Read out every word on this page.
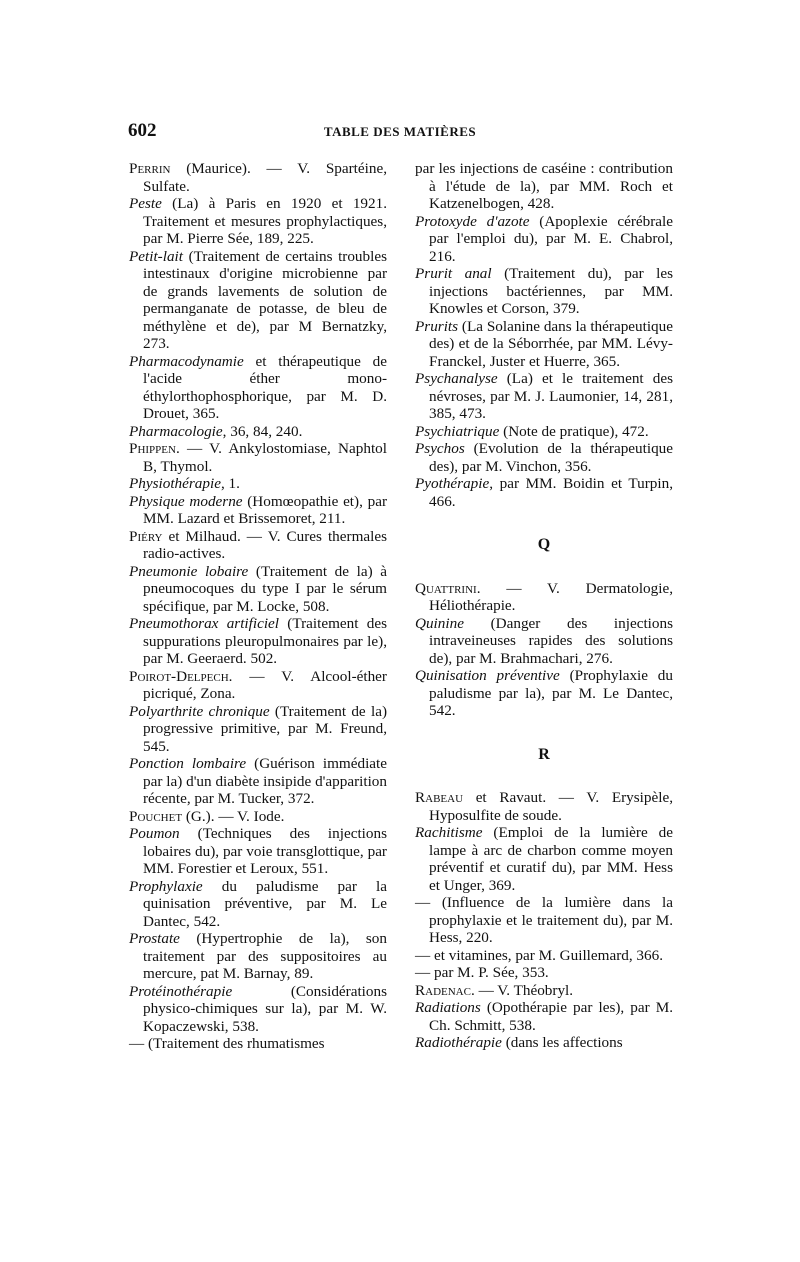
602	TABLE DES MATIÈRES

Perrin (Maurice). — V. Spartéine, Sulfate.

Peste (La) à Paris en 1920 et 1921. Traitement et mesures prophylactiques, par M. Pierre Sée, 189, 225.

Petit-lait (Traitement de certains troubles intestinaux d'origine microbienne par de grands lavements de solution de permanganate de potasse, de bleu de méthylène et de), par M Bernatzky, 273.

Pharmacodynamie et thérapeutique de l'acide éther mono-éthylorthophosphorique, par M. D. Drouet, 365.

Pharmacologie, 36, 84, 240.

Phippen. — V. Ankylostomiase, Naphtol B, Thymol.

Physiothérapie, 1.

Physique moderne (Homœopathie et), par MM. Lazard et Brissemoret, 211.

Piéry et Milhaud. — V. Cures thermales radio-actives.

Pneumonie lobaire (Traitement de la) à pneumocoques du type I par le sérum spécifique, par M. Locke, 508.

Pneumothorax artificiel (Traitement des suppurations pleuropulmonaires par le), par M. Geeraerd. 502.

Poirot-Delpech. — V. Alcool-éther picriqué, Zona.

Polyarthrite chronique (Traitement de la) progressive primitive, par M. Freund, 545.

Ponction lombaire (Guérison immédiate par la) d'un diabète insipide d'apparition récente, par M. Tucker, 372.

Pouchet (G.). — V. Iode.

Poumon (Techniques des injections lobaires du), par voie transglottique, par MM. Forestier et Leroux, 551.

Prophylaxie du paludisme par la quinisation préventive, par M. Le Dantec, 542.

Prostate (Hypertrophie de la), son traitement par des suppositoires au mercure, pat M. Barnay, 89.

Protéinothérapie (Considérations physico-chimiques sur la), par M. W. Kopaczewski, 538.

— (Traitement des rhumatismes

par les injections de caséine : contribution à l'étude de la), par MM. Roch et Katzenelbogen, 428.

Protoxyde d'azote (Apoplexie cérébrale par l'emploi du), par M. E. Chabrol, 216.

Prurit anal (Traitement du), par les injections bactériennes, par MM. Knowles et Corson, 379.

Prurits (La Solanine dans la thérapeutique des) et de la Séborrhée, par MM. Lévy-Franckel, Juster et Huerre, 365.

Psychanalyse (La) et le traitement des névroses, par M. J. Laumonier, 14, 281, 385, 473.

Psychiatrique (Note de pratique), 472.

Psychos (Evolution de la thérapeutique des), par M. Vinchon, 356.

Pyothérapie, par MM. Boidin et Turpin, 466.

Q

Quattrini. — V. Dermatologie, Héliothérapie.

Quinine (Danger des injections intraveineuses rapides des solutions de), par M. Brahmachari, 276.

Quinisation préventive (Prophylaxie du paludisme par la), par M. Le Dantec, 542.

R

Rabeau et Ravaut. — V. Erysipèle, Hyposulfite de soude.

Rachitisme (Emploi de la lumière de lampe à arc de charbon comme moyen préventif et curatif du), par MM. Hess et Unger, 369.

— (Influence de la lumière dans la prophylaxie et le traitement du), par M. Hess, 220.

— et vitamines, par M. Guillemard, 366.

— par M. P. Sée, 353.

Radenac. — V. Théobryl.

Radiations (Opothérapie par les), par M. Ch. Schmitt, 538.

Radiothérapie (dans les affections
